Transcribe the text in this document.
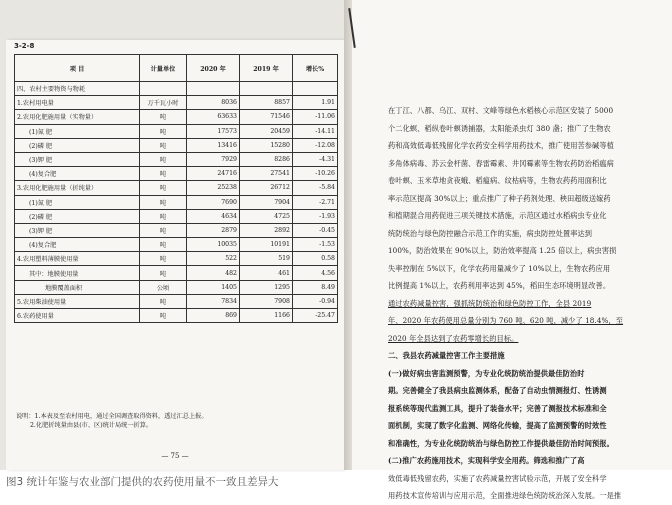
3-2-8
项 目	计量单位	2020 年	2019 年	增长%
四、农村主要物资与物耗				
1.农村用电量	万千瓦小时	8036	8857	1.91
2.农用化肥施用量（实物量）	吨	63633	71546	-11.06
(1)氮 肥	吨	17573	20459	-14.11
(2)磷 肥	吨	13416	15280	-12.08
(3)钾 肥	吨	7929	8286	-4.31
(4)复合肥	吨	24716	27541	-10.26
3.农用化肥施用量（折纯量）	吨	25238	26712	-5.84
(1)氮 肥	吨	7690	7904	-2.71
(2)磷 肥	吨	4634	4725	-1.93
(3)钾 肥	吨	2879	2892	-0.45
(4)复合肥	吨	10035	10191	-1.53
4.农用塑料薄膜使用量	吨	522	519	0.58
其中：地膜使用量	吨	482	461	4.56
地膜覆盖面积	公顷	1405	1295	8.49
5.农用柴油使用量	吨	7834	7908	-0.94
6.农药使用量	吨	869	1166	-25.47
说明：1.本表及至农村用电，通过全国调查取得资料，透过汇总上报。
2.化肥折纯量由县(市、区)统计局统一折算。
— 75 —
在丁江、八都、乌江、双村、文峰等绿色水稻核心示范区安装了 5000
个二化螟、稻纵卷叶螟诱捕器，太阳能杀虫灯 380 盏；推广了生物农
药和高效低毒低残留化学农药安全科学用药技术，推广使用苦参碱等植
多角体病毒、苏云金杆菌、春雷霉素、井冈霉素等生物农药防治稻瘟病
卷叶螟、玉米草地贪夜蛾、稻瘟病、纹枯病等，生物农药药用面积比
率示范区提高 30%以上；重点推广了种子药剂处理、秧田超级送嫁药
和植期混合用药促进三项关键技术措施，示范区通过水稻病虫专业化
统防统治与绿色防控融合示范工作的实施，病虫防控处置率达到
100%，防治效果在 90%以上，防治效率提高 1.25 倍以上，病虫害损
失率控制在 5%以下，化学农药用量减少了 10%以上，生物农药应用
比例提高 1%以上，农药利用率达到 45%，稻田生态环境明显改善。
通过农药减量控害，强抓统防统治和绿色防控工作，全县 2019
年、2020 年农药使用总量分别为 760 吨、620 吨，减少了 18.4%，至
2020 年全县达到了农药零增长的目标。
二、我县农药减量控害工作主要措施
(一)做好病虫害监测预警，为专业化统防统治提供最佳防治时
期。完善健全了我县病虫监测体系，配备了自动虫情测报灯、性诱测
报系统等现代监测工具，提升了装备水平；完善了测报技术标准和全
面机制，实现了数字化监测、网络化传输，提高了监测预警的时效性
和准确性，为专业化统防统治与绿色防控工作提供最佳防治时间预报。
(二)推广农药施用技术，实现科学安全用药。筛选和推广了高
效低毒低残留农药，实施了农药减量控害试验示范，开展了安全科学
用药技术宣传培训与应用示范，全面推进绿色统防统治深入发展。一是推
图3 统计年鉴与农业部门提供的农药使用量不一致且差异大
